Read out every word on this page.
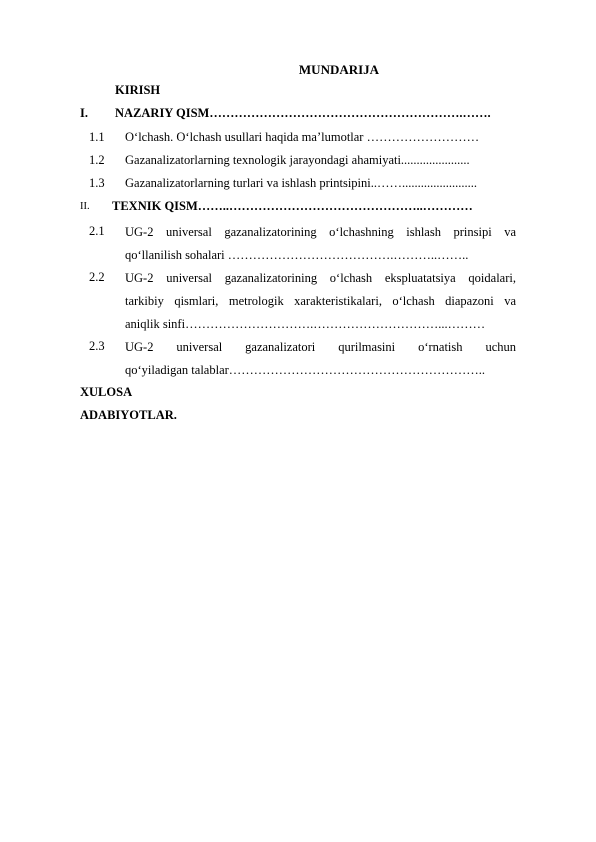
MUNDARIJA
KIRISH
I. NAZARIY QISM…………………………………………………….…….
1.1 O‘lchash. O‘lchash usullari haqida ma’lumotlar ………………………
1.2 Gazanalizatorlarning texnologik jarayondagi ahamiyati......................
1.3 Gazanalizatorlarning turlari va ishlash printsipini..……........................
II. TEXNIK QISM……..………………………………………..…………
2.1 UG-2 universal gazanalizatorining o‘lchashning ishlash prinsipi va
qo‘llanilish sohalari ………………………………….………..……..
2.2 UG-2 universal gazanalizatorining o‘lchash ekspluatatsiya qoidalari,
tarkibiy qismlari, metrologik xarakteristikalari, o‘lchash diapazoni va
aniqlik sinfi………………………….…………………………...………
2.3 UG-2 universal gazanalizatori qurilmasini o‘rnatish uchun
qo‘yiladigan talablar……………………………………………………..
XULOSA
ADABIYOTLAR.
